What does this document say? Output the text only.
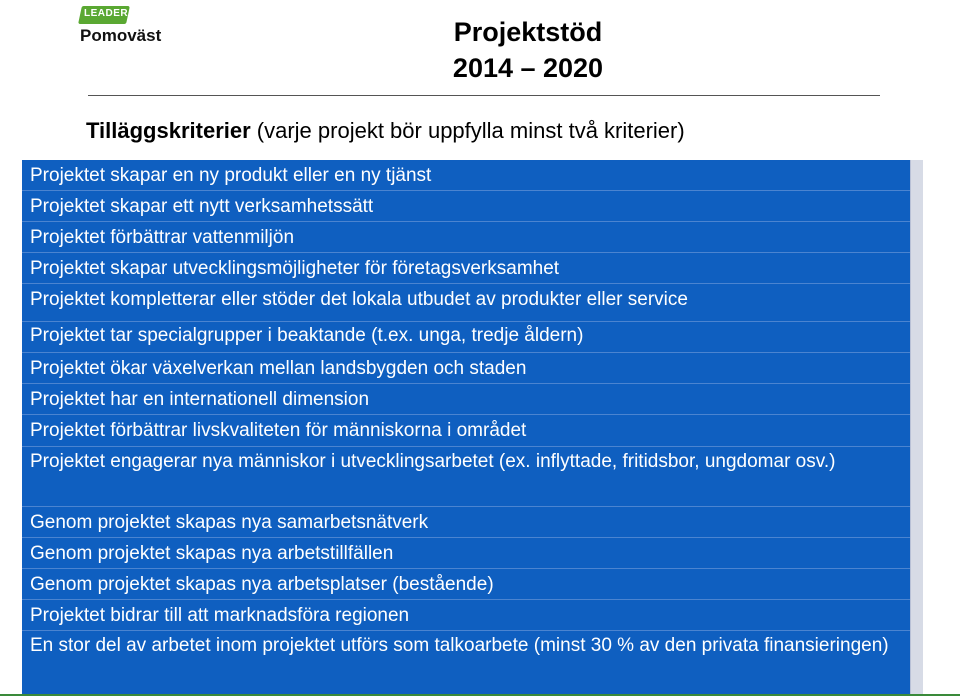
LEADER
Pomoväst	Projektstöd
2014 – 2020
Tilläggskriterier (varje projekt bör uppfylla minst två kriterier)
Projektet skapar en ny produkt eller en ny tjänst
Projektet skapar ett nytt verksamhetssätt
Projektet förbättrar vattenmiljön
Projektet skapar utvecklingsmöjligheter för företagsverksamhet
Projektet kompletterar eller stöder det lokala utbudet av produkter eller service
Projektet tar specialgrupper i beaktande (t.ex. unga, tredje åldern)
Projektet ökar växelverkan mellan landsbygden och staden
Projektet har en internationell dimension
Projektet förbättrar livskvaliteten för människorna i området
Projektet engagerar nya människor i utvecklingsarbetet (ex. inflyttade, fritidsbor, ungdomar osv.)
Genom projektet skapas nya samarbetsnätverk
Genom projektet skapas nya arbetstillfällen
Genom projektet skapas nya arbetsplatser (bestående)
Projektet bidrar till att marknadsföra regionen
En stor del av arbetet inom projektet utförs som talkoarbete (minst 30 % av den privata finansieringen)
